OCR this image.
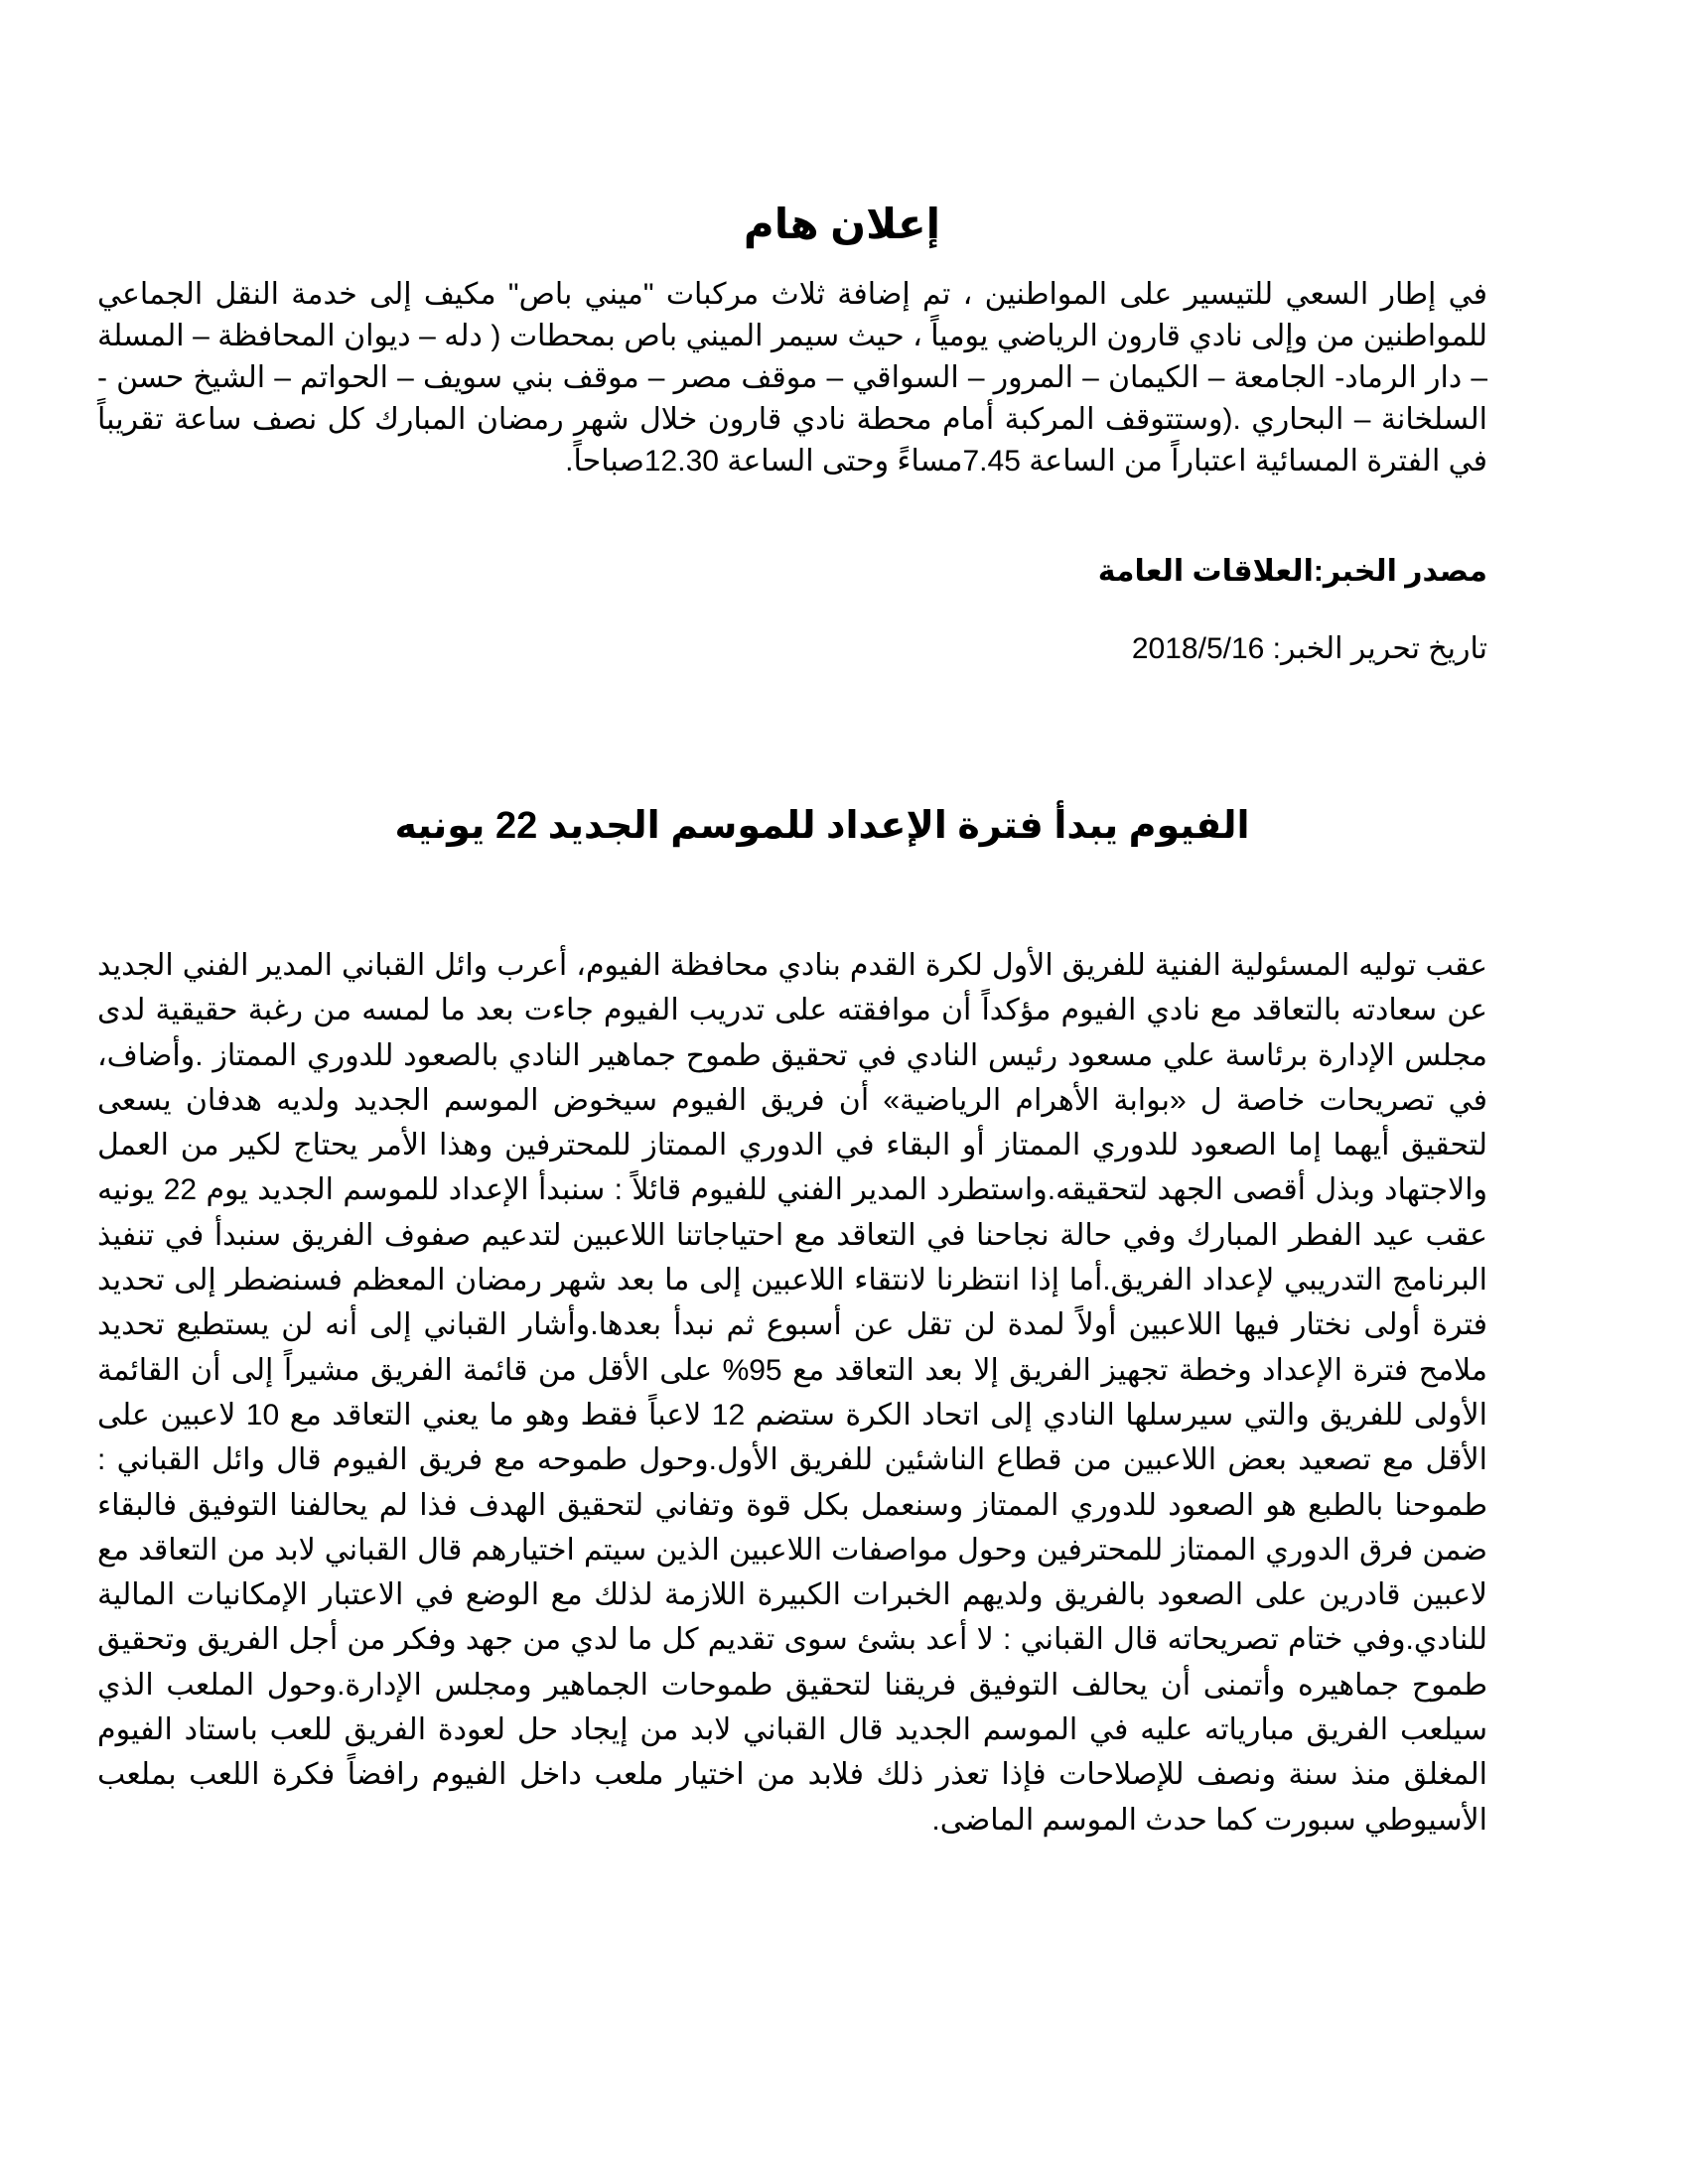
إعلان هام

في إطار السعي للتيسير على المواطنين ، تم إضافة ثلاث مركبات "ميني باص" مكيف إلى خدمة النقل الجماعي للمواطنين من وإلى نادي قارون الرياضي يومياً ، حيث سيمر الميني باص بمحطات ( دله – ديوان المحافظة – المسلة – دار الرماد- الجامعة – الكيمان – المرور – السواقي – موقف مصر – موقف بني سويف – الحواتم – الشيخ حسن - السلخانة – البحاري .(وستتوقف المركبة أمام محطة نادي قارون خلال شهر رمضان المبارك كل نصف ساعة تقريباً في الفترة المسائية اعتباراً من الساعة 7.45مساءً وحتى الساعة 12.30صباحاً.

مصدر الخبر:العلاقات العامة

تاريخ تحرير الخبر: 2018/5/16

الفيوم يبدأ فترة الإعداد للموسم الجديد 22 يونيه

عقب توليه المسئولية الفنية للفريق الأول لكرة القدم بنادي محافظة الفيوم، أعرب وائل القباني المدير الفني الجديد عن سعادته بالتعاقد مع نادي الفيوم مؤكداً أن موافقته على تدريب الفيوم جاءت بعد ما لمسه من رغبة حقيقية لدى مجلس الإدارة برئاسة علي مسعود رئيس النادي في تحقيق طموح جماهير النادي بالصعود للدوري الممتاز .وأضاف، في تصريحات خاصة ل «بوابة الأهرام الرياضية» أن فريق الفيوم سيخوض الموسم الجديد ولديه هدفان يسعى لتحقيق أيهما إما الصعود للدوري الممتاز أو البقاء في الدوري الممتاز للمحترفين وهذا الأمر يحتاج لكير من العمل والاجتهاد وبذل أقصى الجهد لتحقيقه.واستطرد المدير الفني للفيوم قائلاً : سنبدأ الإعداد للموسم الجديد يوم 22 يونيه عقب عيد الفطر المبارك وفي حالة نجاحنا في التعاقد مع احتياجاتنا اللاعبين لتدعيم صفوف الفريق سنبدأ في تنفيذ البرنامج التدريبي لإعداد الفريق.أما إذا انتظرنا لانتقاء اللاعبين إلى ما بعد شهر رمضان المعظم فسنضطر إلى تحديد فترة أولى نختار فيها اللاعبين أولاً لمدة لن تقل عن أسبوع ثم نبدأ بعدها.وأشار القباني إلى أنه لن يستطيع تحديد ملامح فترة الإعداد وخطة تجهيز الفريق إلا بعد التعاقد مع 95% على الأقل من قائمة الفريق مشيراً إلى أن القائمة الأولى للفريق والتي سيرسلها النادي إلى اتحاد الكرة ستضم 12 لاعباً فقط وهو ما يعني التعاقد مع 10 لاعبين على الأقل مع تصعيد بعض اللاعبين من قطاع الناشئين للفريق الأول.وحول طموحه مع فريق الفيوم قال وائل القباني : طموحنا بالطبع هو الصعود للدوري الممتاز وسنعمل بكل قوة وتفاني لتحقيق الهدف فذا لم يحالفنا التوفيق فالبقاء ضمن فرق الدوري الممتاز للمحترفين وحول مواصفات اللاعبين الذين سيتم اختيارهم قال القباني لابد من التعاقد مع لاعبين قادرين على الصعود بالفريق ولديهم الخبرات الكبيرة اللازمة لذلك مع الوضع في الاعتبار الإمكانيات المالية للنادي.وفي ختام تصريحاته قال القباني : لا أعد بشئ سوى تقديم كل ما لدي من جهد وفكر من أجل الفريق وتحقيق طموح جماهيره وأتمنى أن يحالف التوفيق فريقنا لتحقيق طموحات الجماهير ومجلس الإدارة.وحول الملعب الذي سيلعب الفريق مبارياته عليه في الموسم الجديد قال القباني لابد من إيجاد حل لعودة الفريق للعب باستاد الفيوم المغلق منذ سنة ونصف للإصلاحات فإذا تعذر ذلك فلابد من اختيار ملعب داخل الفيوم رافضاً فكرة اللعب بملعب الأسيوطي سبورت كما حدث الموسم الماضى.
